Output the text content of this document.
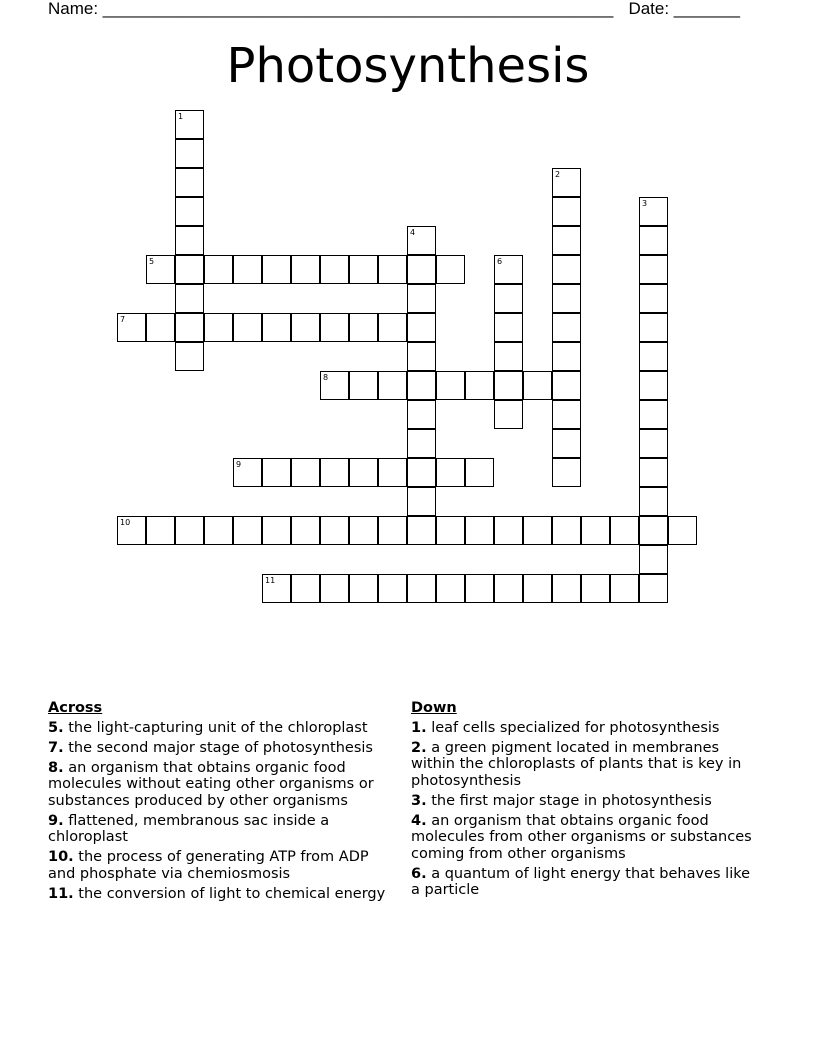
Name: ______________________________________________________ Date: _______
Photosynthesis
1
2
3
4
5	6
7
8
9
10
11
Across
5. the light-capturing unit of the chloroplast
7. the second major stage of photosynthesis
8. an organism that obtains organic food molecules without eating other organisms or substances produced by other organisms
9. flattened, membranous sac inside a chloroplast
10. the process of generating ATP from ADP and phosphate via chemiosmosis
11. the conversion of light to chemical energy
Down
1. leaf cells specialized for photosynthesis
2. a green pigment located in membranes within the chloroplasts of plants that is key in photosynthesis
3. the first major stage in photosynthesis
4. an organism that obtains organic food molecules from other organisms or substances coming from other organisms
6. a quantum of light energy that behaves like a particle
